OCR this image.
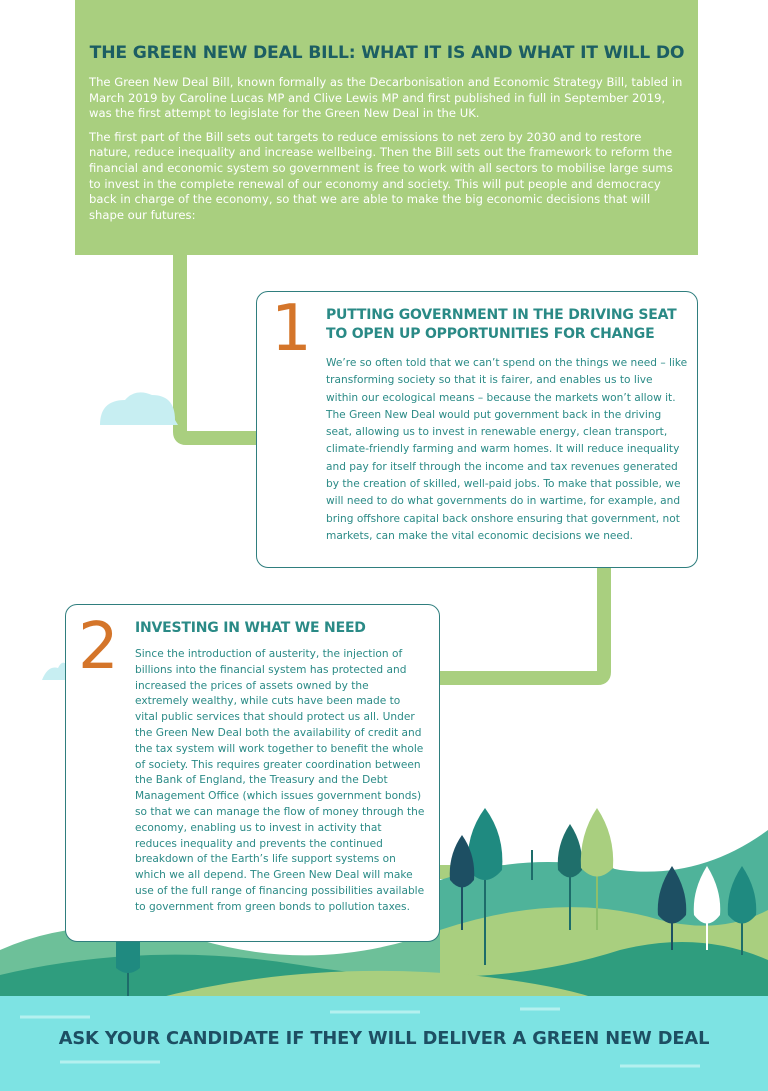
THE GREEN NEW DEAL BILL: WHAT IT IS AND WHAT IT WILL DO

The Green New Deal Bill, known formally as the Decarbonisation and Economic Strategy Bill, tabled in March 2019 by Caroline Lucas MP and Clive Lewis MP and first published in full in September 2019, was the first attempt to legislate for the Green New Deal in the UK.

The first part of the Bill sets out targets to reduce emissions to net zero by 2030 and to restore nature, reduce inequality and increase wellbeing. Then the Bill sets out the framework to reform the financial and economic system so government is free to work with all sectors to mobilise large sums to invest in the complete renewal of our economy and society. This will put people and democracy back in charge of the economy, so that we are able to make the big economic decisions that will shape our futures:

1 PUTTING GOVERNMENT IN THE DRIVING SEAT TO OPEN UP OPPORTUNITIES FOR CHANGE

We’re so often told that we can’t spend on the things we need – like transforming society so that it is fairer, and enables us to live within our ecological means – because the markets won’t allow it. The Green New Deal would put government back in the driving seat, allowing us to invest in renewable energy, clean transport, climate-friendly farming and warm homes. It will reduce inequality and pay for itself through the income and tax revenues generated by the creation of skilled, well-paid jobs. To make that possible, we will need to do what governments do in wartime, for example, and bring offshore capital back onshore ensuring that government, not markets, can make the vital economic decisions we need.

2 INVESTING IN WHAT WE NEED

Since the introduction of austerity, the injection of billions into the financial system has protected and increased the prices of assets owned by the extremely wealthy, while cuts have been made to vital public services that should protect us all. Under the Green New Deal both the availability of credit and the tax system will work together to benefit the whole of society. This requires greater coordination between the Bank of England, the Treasury and the Debt Management Office (which issues government bonds) so that we can manage the flow of money through the economy, enabling us to invest in activity that reduces inequality and prevents the continued breakdown of the Earth’s life support systems on which we all depend. The Green New Deal will make use of the full range of financing possibilities available to government from green bonds to pollution taxes.

ASK YOUR CANDIDATE IF THEY WILL DELIVER A GREEN NEW DEAL
